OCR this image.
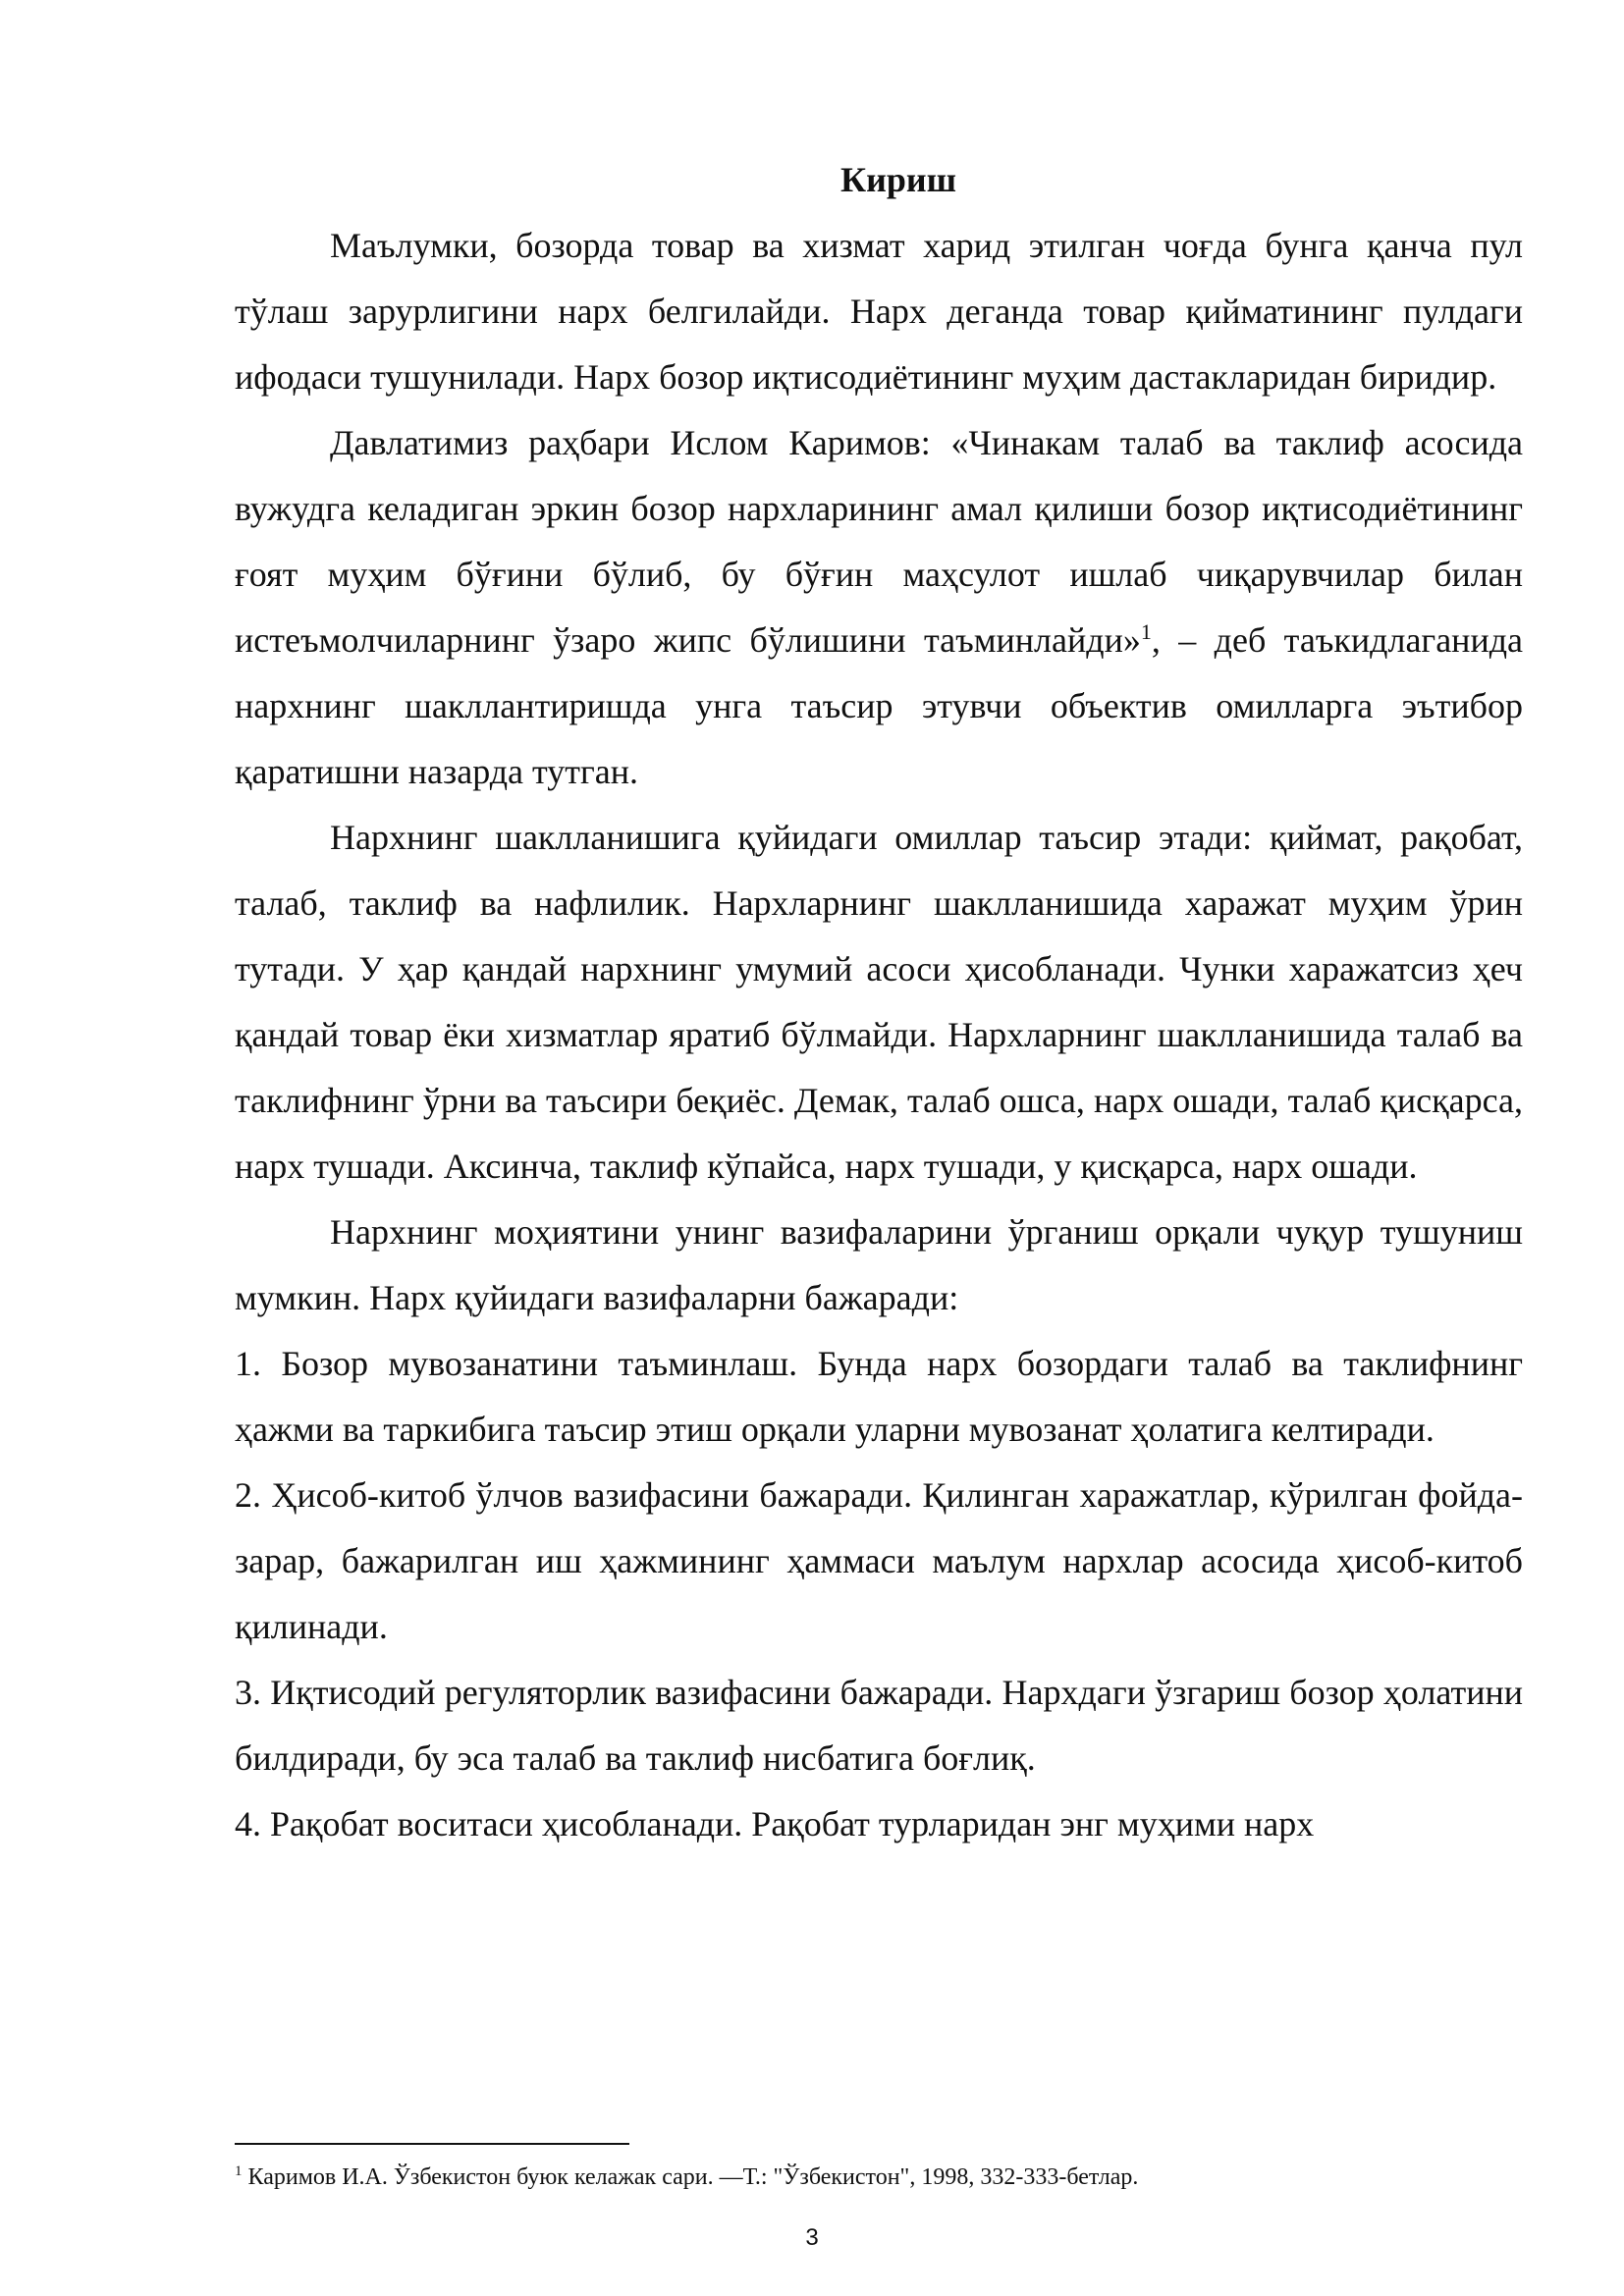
Кириш

Маълумки, бозорда товар ва хизмат харид этилган чоғда бунга қанча пул тўлаш зарурлигини нарх белгилайди. Нарх деганда товар қийматининг пулдаги ифодаси тушунилади. Нарх бозор иқтисодиётининг муҳим дастакларидан биридир.

Давлатимиз раҳбари Ислом Каримов: «Чинакам талаб ва таклиф асосида вужудга келадиган эркин бозор нархларининг амал қилиши бозор иқтисодиётининг ғоят муҳим бўғини бўлиб, бу бўғин маҳсулот ишлаб чиқарувчилар билан истеъмолчиларнинг ўзаро жипс бўлишини таъминлайди»$^1$, – деб таъкидлаганида нархнинг шакллантиришда унга таъсир этувчи объектив омилларга эътибор қаратишни назарда тутган.

Нархнинг шаклланишига қуйидаги омиллар таъсир этади: қиймат, рақобат, талаб, таклиф ва нафлилик. Нархларнинг шаклланишида харажат муҳим ўрин тутади. У ҳар қандай нархнинг умумий асоси ҳисобланади. Чунки харажатсиз ҳеч қандай товар ёки хизматлар яратиб бўлмайди. Нархларнинг шаклланишида талаб ва таклифнинг ўрни ва таъсири беқиёс. Демак, талаб ошса, нарх ошади, талаб қисқарса, нарх тушади. Аксинча, таклиф кўпайса, нарх тушади, у қисқарса, нарх ошади.

Нархнинг моҳиятини унинг вазифаларини ўрганиш орқали чуқур тушуниш мумкин. Нарх қуйидаги вазифаларни бажаради:

1. Бозор мувозанатини таъминлаш. Бунда нарх бозордаги талаб ва таклифнинг ҳажми ва таркибига таъсир этиш орқали уларни мувозанат ҳолатига келтиради.

2. Ҳисоб-китоб ўлчов вазифасини бажаради. Қилинган харажатлар, кўрилган фойда-зарар, бажарилган иш ҳажмининг ҳаммаси маълум нархлар асосида ҳисоб-китоб қилинади.

3. Иқтисодий регуляторлик вазифасини бажаради. Нархдаги ўзгариш бозор ҳолатини билдиради, бу эса талаб ва таклиф нисбатига боғлиқ.

4. Рақобат воситаси ҳисобланади. Рақобат турларидан энг муҳими нарх

$^1$ Каримов И.А. Ўзбекистон буюк келажак сари. —Т.: "Ўзбекистон", 1998, 332-333-бетлар.
3
